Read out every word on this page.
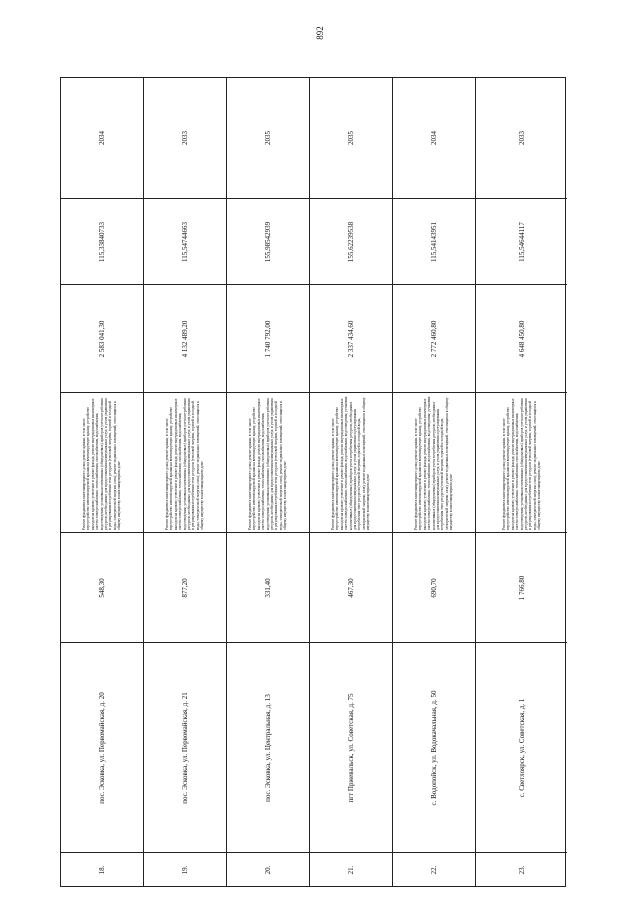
892
2034
115,33840733
2 583 041,30
Ремонт фундамента многоквартирного дома; ремонт крыши, в том числе переустройство невентилируемой крыши на вентилируемую крышу, устройство выходов на кровлю; утепление и ремонт фасада; ремонт внутридомовых инженерных систем электроснабжения, теплоснабжения, газоснабжения, водоснабжения, водоотведения; установка коллективных (общедомовых) приборов учета потребления ресурсов, необходимых для предоставления коммунальных услуг, и узлов управления и регулирования потребления этих ресурсов (тепловой энергии, горячей и холодной воды, электрической энергии, газа); ремонт подвальных помещений, относящихся к общему имуществу в многоквартирном доме
548,30
пос. Эсковка, ул. Первомайская, д. 20
18.
2033
115,54744663
4 132 489,20
Ремонт фундамента многоквартирного дома; ремонт крыши, в том числе переустройство невентилируемой крыши на вентилируемую крышу, устройство выходов на кровлю; утепление и ремонт фасада; ремонт внутридомовых инженерных систем электроснабжения, теплоснабжения, газоснабжения, водоснабжения, водоотведения; установка коллективных (общедомовых) приборов учета потребления ресурсов, необходимых для предоставления коммунальных услуг, и узлов управления и регулирования потребления этих ресурсов (тепловой энергии, горячей и холодной воды, электрической энергии, газа); ремонт подвальных помещений, относящихся к общему имуществу в многоквартирном доме
877,20
пос. Эсковка, ул. Первомайская, д. 21
19.
2035
155,98542939
1 740 792,00
Ремонт фундамента многоквартирного дома; ремонт крыши, в том числе переустройство невентилируемой крыши на вентилируемую крышу, устройство выходов на кровлю; утепление и ремонт фасада; ремонт внутридомовых инженерных систем электроснабжения, теплоснабжения, газоснабжения, водоснабжения, водоотведения; установка коллективных (общедомовых) приборов учета потребления ресурсов, необходимых для предоставления коммунальных услуг, и узлов управления и регулирования потребления этих ресурсов (тепловой энергии, горячей и холодной воды, электрической энергии, газа); ремонт подвальных помещений, относящихся к общему имуществу в многоквартирном доме
331,40
пос. Эсковка, ул. Центральная, д. 13
20.
2035
155,62239538
2 337 434,60
Ремонт фундамента многоквартирного дома; ремонт крыши, в том числе переустройство невентилируемой крыши на вентилируемую крышу, устройство выходов на кровлю; утепление и ремонт фасада; ремонт внутридомовых инженерных систем электроснабжения, теплоснабжения, водоснабжения, водоотведения; установка коллективных (общедомовых) приборов учета потребления ресурсов, необходимых для предоставления коммунальных услуг, и узлов управления и регулирования потребления этих ресурсов (тепловой энергии, горячей и холодной воды, электрической энергии, газа); ремонт подвальных помещений, относящихся к общему имуществу в многоквартирном доме
467,30
пгт Пржевальск, ул. Советская, д. 75
21.
2034
115,54143951
2 772 460,80
Ремонт фундамента многоквартирного дома; ремонт крыши, в том числе переустройство невентилируемой крыши на вентилируемую крышу, устройство выходов на кровлю; утепление и ремонт фасада; ремонт внутридомовых инженерных систем электроснабжения, теплоснабжения, водоснабжения, водоотведения; установка коллективных (общедомовых) приборов учета потребления ресурсов, необходимых для предоставления коммунальных услуг, и узлов управления и регулирования потребления этих ресурсов (тепловой энергии, горячей и холодной воды, электрической энергии, газа); ремонт подвальных помещений, относящихся к общему имуществу в многоквартирном доме
690,70
с. Водопойск, ул. Водокачальная, д. 50
22.
2033
115,54644117
4 648 450,80
Ремонт фундамента многоквартирного дома; ремонт крыши, в том числе переустройство невентилируемой крыши на вентилируемую крышу, устройство выходов на кровлю; утепление и ремонт фасада; ремонт внутридомовых инженерных систем электроснабжения, теплоснабжения, газоснабжения, водоснабжения, водоотведения; установка коллективных (общедомовых) приборов учета потребления ресурсов, необходимых для предоставления коммунальных услуг, и узлов управления и регулирования потребления этих ресурсов (тепловой энергии, горячей и холодной воды, электрической энергии, газа); ремонт подвальных помещений, относящихся к общему имуществу в многоквартирном доме
1 766,80
с. Светлоярск, ул. Советская, д. 1
23.
